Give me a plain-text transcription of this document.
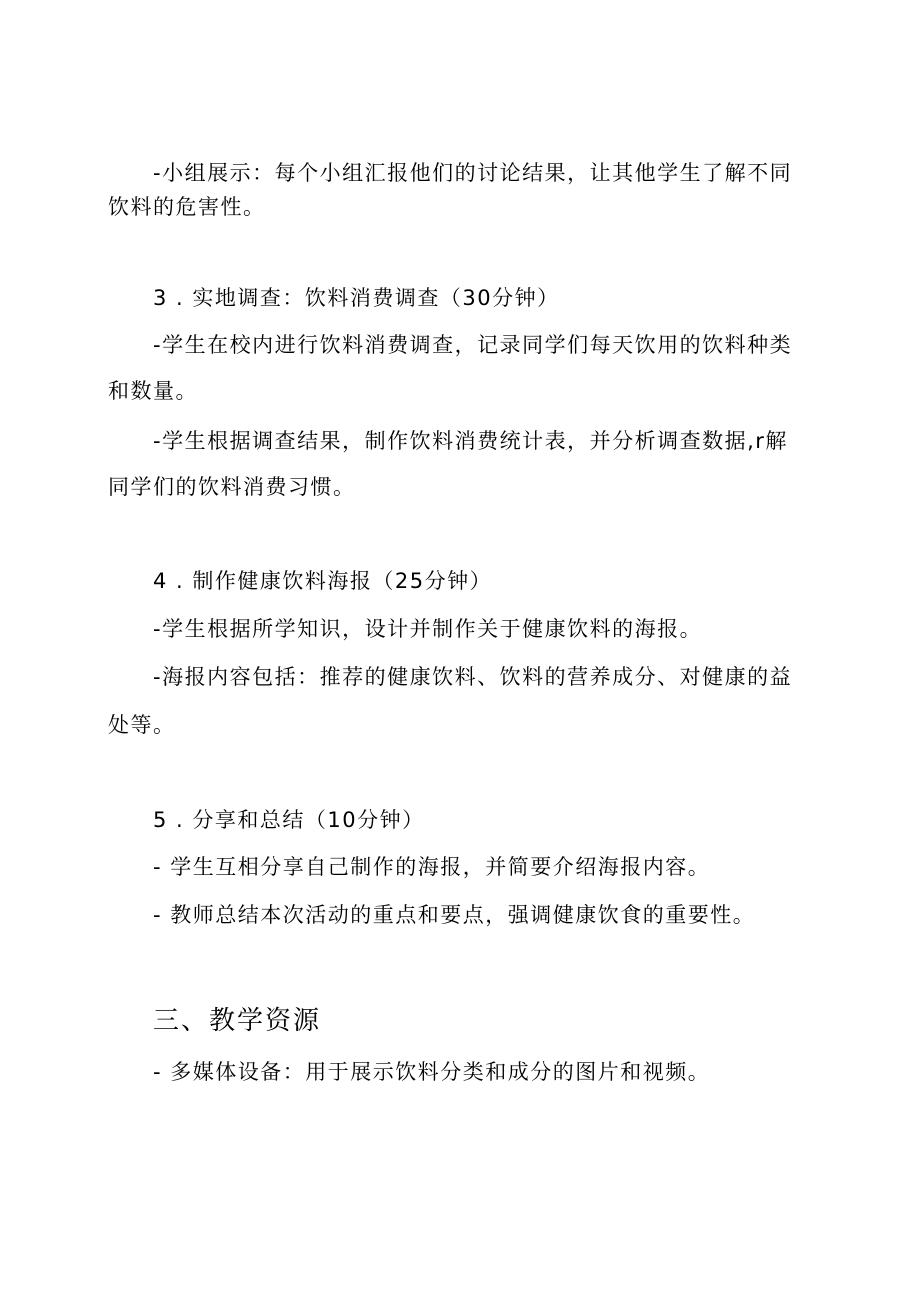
-小组展示：每个小组汇报他们的讨论结果，让其他学生了解不同
饮料的危害性。
3 . 实地调查：饮料消费调查（30分钟）
-学生在校内进行饮料消费调查，记录同学们每天饮用的饮料种类
和数量。
-学生根据调查结果，制作饮料消费统计表，并分析调查数据,r解
同学们的饮料消费习惯。
4 . 制作健康饮料海报（25分钟）
-学生根据所学知识，设计并制作关于健康饮料的海报。
-海报内容包括：推荐的健康饮料、饮料的营养成分、对健康的益
处等。
5 . 分享和总结（10分钟）
- 学生互相分享自己制作的海报，并简要介绍海报内容。
- 教师总结本次活动的重点和要点，强调健康饮食的重要性。
三、教学资源
- 多媒体设备：用于展示饮料分类和成分的图片和视频。
